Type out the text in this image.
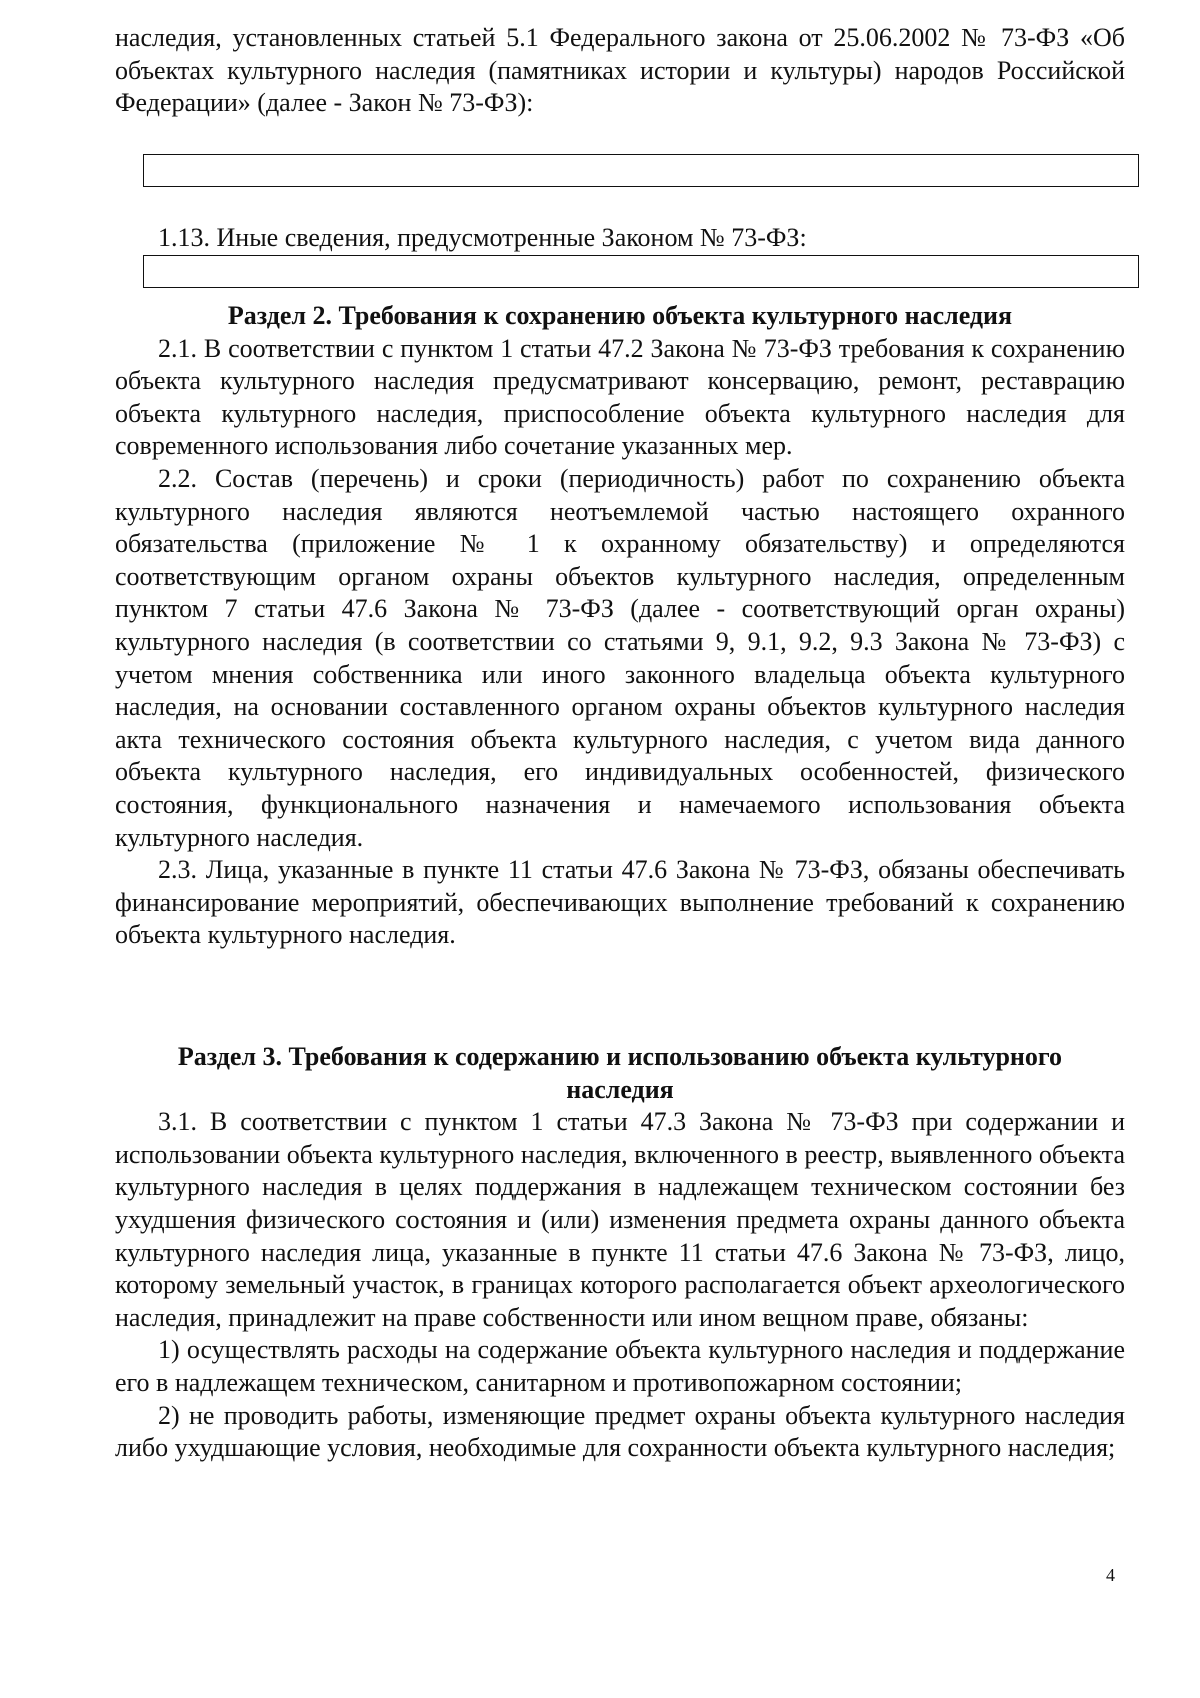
наследия, установленных статьей 5.1 Федерального закона от 25.06.2002 № 73-ФЗ «Об объектах культурного наследия (памятниках истории и культуры) народов Российской Федерации» (далее - Закон № 73-ФЗ):

1.13. Иные сведения, предусмотренные Законом № 73-ФЗ:

Раздел 2. Требования к сохранению объекта культурного наследия

2.1. В соответствии с пунктом 1 статьи 47.2 Закона № 73-ФЗ требования к сохранению объекта культурного наследия предусматривают консервацию, ремонт, реставрацию объекта культурного наследия, приспособление объекта культурного наследия для современного использования либо сочетание указанных мер.

2.2. Состав (перечень) и сроки (периодичность) работ по сохранению объекта культурного наследия являются неотъемлемой частью настоящего охранного обязательства (приложение № 1 к охранному обязательству) и определяются соответствующим органом охраны объектов культурного наследия, определенным пунктом 7 статьи 47.6 Закона № 73-ФЗ (далее - соответствующий орган охраны) культурного наследия (в соответствии со статьями 9, 9.1, 9.2, 9.3 Закона № 73-ФЗ) с учетом мнения собственника или иного законного владельца объекта культурного наследия, на основании составленного органом охраны объектов культурного наследия акта технического состояния объекта культурного наследия, с учетом вида данного объекта культурного наследия, его индивидуальных особенностей, физического состояния, функционального назначения и намечаемого использования объекта культурного наследия.

2.3. Лица, указанные в пункте 11 статьи 47.6 Закона № 73-ФЗ, обязаны обеспечивать финансирование мероприятий, обеспечивающих выполнение требований к сохранению объекта культурного наследия.

Раздел 3. Требования к содержанию и использованию объекта культурного
наследия

3.1. В соответствии с пунктом 1 статьи 47.3 Закона № 73-ФЗ при содержании и использовании объекта культурного наследия, включенного в реестр, выявленного объекта культурного наследия в целях поддержания в надлежащем техническом состоянии без ухудшения физического состояния и (или) изменения предмета охраны данного объекта культурного наследия лица, указанные в пункте 11 статьи 47.6 Закона № 73-ФЗ, лицо, которому земельный участок, в границах которого располагается объект археологического наследия, принадлежит на праве собственности или ином вещном праве, обязаны:

1) осуществлять расходы на содержание объекта культурного наследия и поддержание его в надлежащем техническом, санитарном и противопожарном состоянии;

2) не проводить работы, изменяющие предмет охраны объекта культурного наследия либо ухудшающие условия, необходимые для сохранности объекта культурного наследия;

4
